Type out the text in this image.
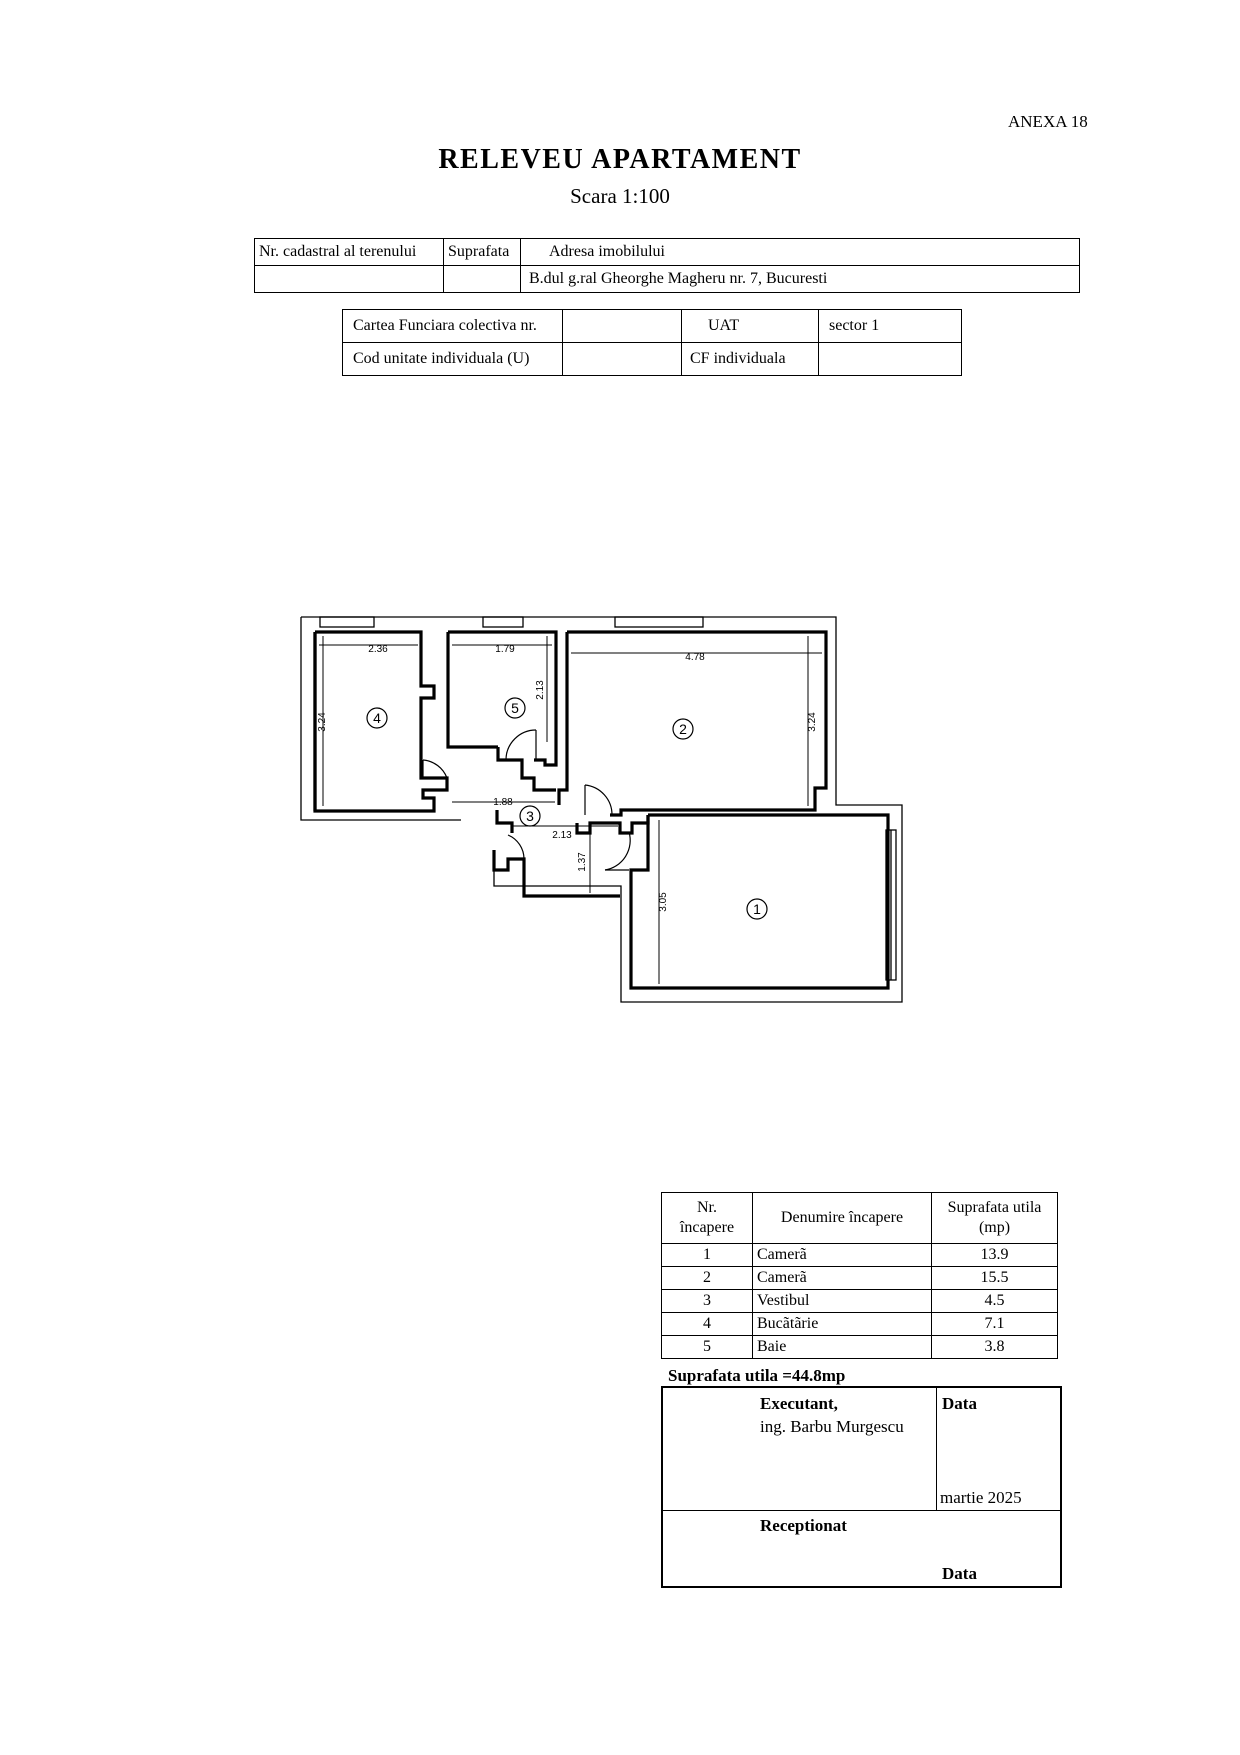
ANEXA 18
RELEVEU APARTAMENT
Scara 1:100
Nr. cadastral al terenului	Suprafata	Adresa imobilului
		B.dul g.ral Gheorghe Magheru nr. 7, Bucuresti
Cartea Funciara colectiva nr.		UAT	sector 1
Cod unitate individuala (U)		CF individuala	
2.36
3.24
1.79
2.13
4.78
3.24
1.88
2.13
1.37
3.05
4
5
2
3
1
Nr.
încapere	Denumire încapere	Suprafata utila
(mp)
1	Camerã	13.9
2	Camerã	15.5
3	Vestibul	4.5
4	Bucãtãrie	7.1
5	Baie	3.8
Suprafata utila =44.8mp
Executant,
ing. Barbu Murgescu
Data
martie 2025
Receptionat
Data
